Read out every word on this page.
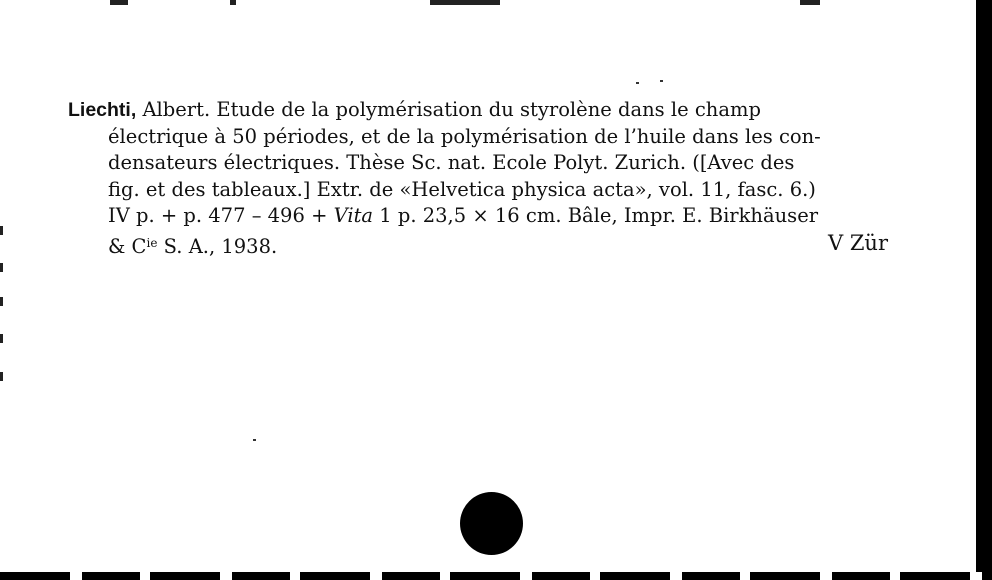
Liechti, Albert. Etude de la polymérisation du styrolène dans le champ
électrique à 50 périodes, et de la polymérisation de l’huile dans les con-
densateurs électriques. Thèse Sc. nat. Ecole Polyt. Zurich. ([Avec des
fig. et des tableaux.] Extr. de «Helvetica physica acta», vol. 11, fasc. 6.)
IV p. + p. 477 – 496 + Vita 1 p. 23,5 × 16 cm. Bâle, Impr. E. Birkhäuser
& $C^{ie}$ S. A., 1938.	V Zür
